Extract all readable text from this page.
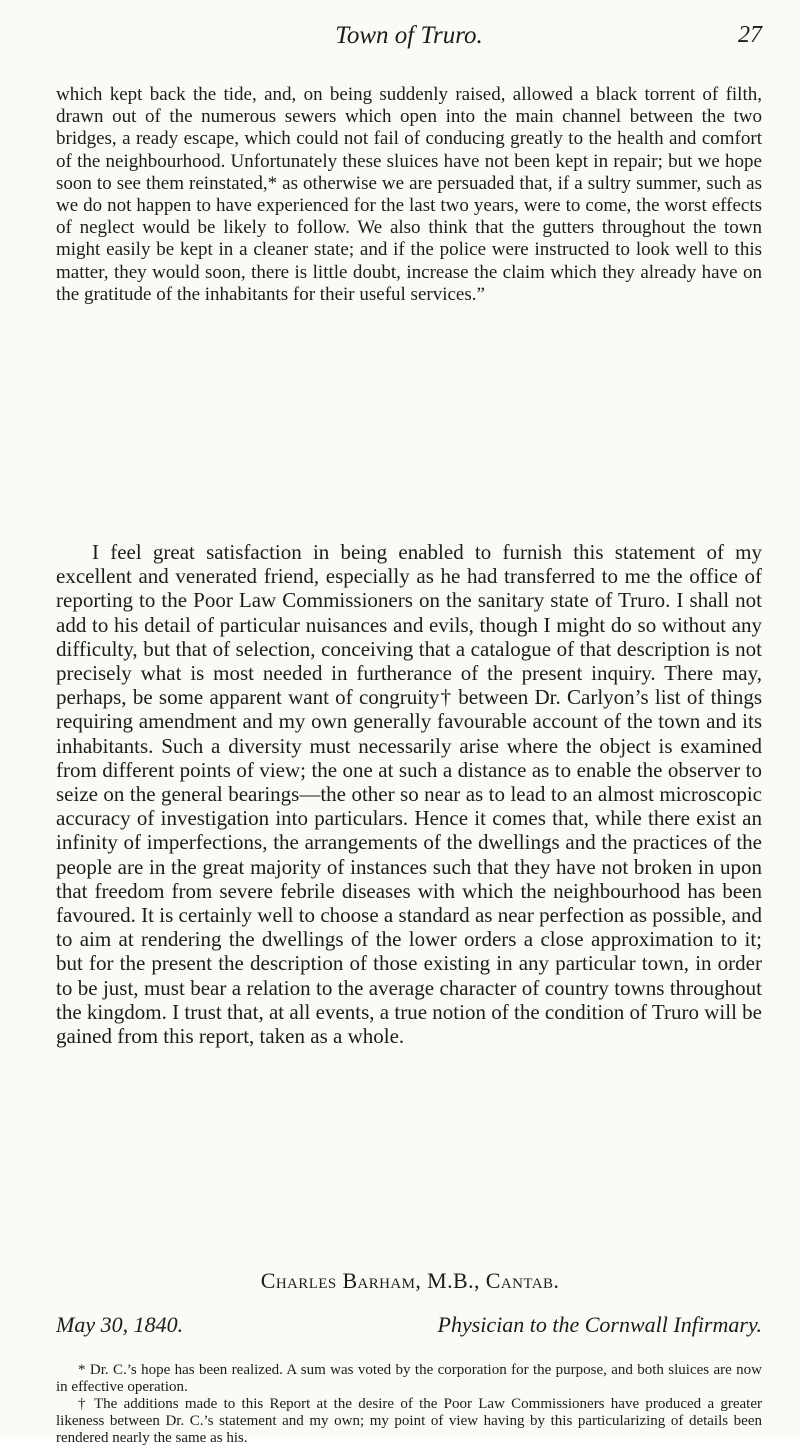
Town of Truro.	27

which kept back the tide, and, on being suddenly raised, allowed a black torrent of filth, drawn out of the numerous sewers which open into the main channel between the two bridges, a ready escape, which could not fail of conducing greatly to the health and comfort of the neighbourhood. Unfortunately these sluices have not been kept in repair; but we hope soon to see them reinstated,* as otherwise we are persuaded that, if a sultry summer, such as we do not happen to have experienced for the last two years, were to come, the worst effects of neglect would be likely to follow. We also think that the gutters throughout the town might easily be kept in a cleaner state; and if the police were instructed to look well to this matter, they would soon, there is little doubt, increase the claim which they already have on the gratitude of the inhabitants for their useful services.”

I feel great satisfaction in being enabled to furnish this statement of my excellent and venerated friend, especially as he had transferred to me the office of reporting to the Poor Law Commissioners on the sanitary state of Truro. I shall not add to his detail of particular nuisances and evils, though I might do so without any difficulty, but that of selection, conceiving that a catalogue of that description is not precisely what is most needed in furtherance of the present inquiry. There may, perhaps, be some apparent want of congruity† between Dr. Carlyon’s list of things requiring amendment and my own generally favourable account of the town and its inhabitants. Such a diversity must necessarily arise where the object is examined from different points of view; the one at such a distance as to enable the observer to seize on the general bearings—the other so near as to lead to an almost microscopic accuracy of investigation into particulars. Hence it comes that, while there exist an infinity of imperfections, the arrangements of the dwellings and the practices of the people are in the great majority of instances such that they have not broken in upon that freedom from severe febrile diseases with which the neighbourhood has been favoured. It is certainly well to choose a standard as near perfection as possible, and to aim at rendering the dwellings of the lower orders a close approximation to it; but for the present the description of those existing in any particular town, in order to be just, must bear a relation to the average character of country towns throughout the kingdom. I trust that, at all events, a true notion of the condition of Truro will be gained from this report, taken as a whole.

Charles Barham, M.B., Cantab.
May 30, 1840.	Physician to the Cornwall Infirmary.

* Dr. C.’s hope has been realized. A sum was voted by the corporation for the purpose, and both sluices are now in effective operation.

† The additions made to this Report at the desire of the Poor Law Commissioners have produced a greater likeness between Dr. C.’s statement and my own; my point of view having by this particularizing of details been rendered nearly the same as his.
